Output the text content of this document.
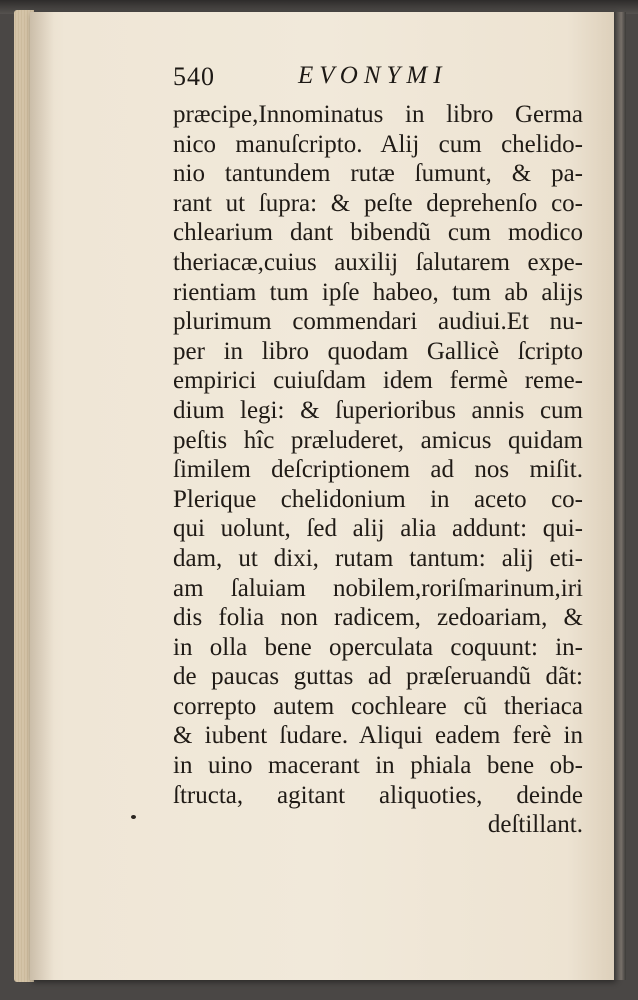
540	EVONYMI
præcipe,Innominatus in libro Germa
nico manuſcripto. Alij cum chelido-
nio tantundem rutæ ſumunt, & pa-
rant ut ſupra: & peſte deprehenſo co-
chlearium dant bibendũ cum modico
theriacæ,cuius auxilij ſalutarem expe-
rientiam tum ipſe habeo, tum ab alijs
plurimum commendari audiui.Et nu-
per in libro quodam Gallicè ſcripto
empirici cuiuſdam idem fermè reme-
dium legi: & ſuperioribus annis cum
peſtis hîc præluderet, amicus quidam
ſimilem deſcriptionem ad nos miſit.
Plerique chelidonium in aceto co-
qui uolunt, ſed alij alia addunt: qui-
dam, ut dixi, rutam tantum: alij eti-
am ſaluiam nobilem,roriſmarinum,iri
dis folia non radicem, zedoariam, &
in olla bene operculata coquunt: in-
de paucas guttas ad præſeruandũ dãt:
correpto autem cochleare cũ theriaca
& iubent ſudare. Aliqui eadem ferè in
in uino macerant in phiala bene ob-
ſtructa, agitant aliquoties, deinde
deſtillant.
